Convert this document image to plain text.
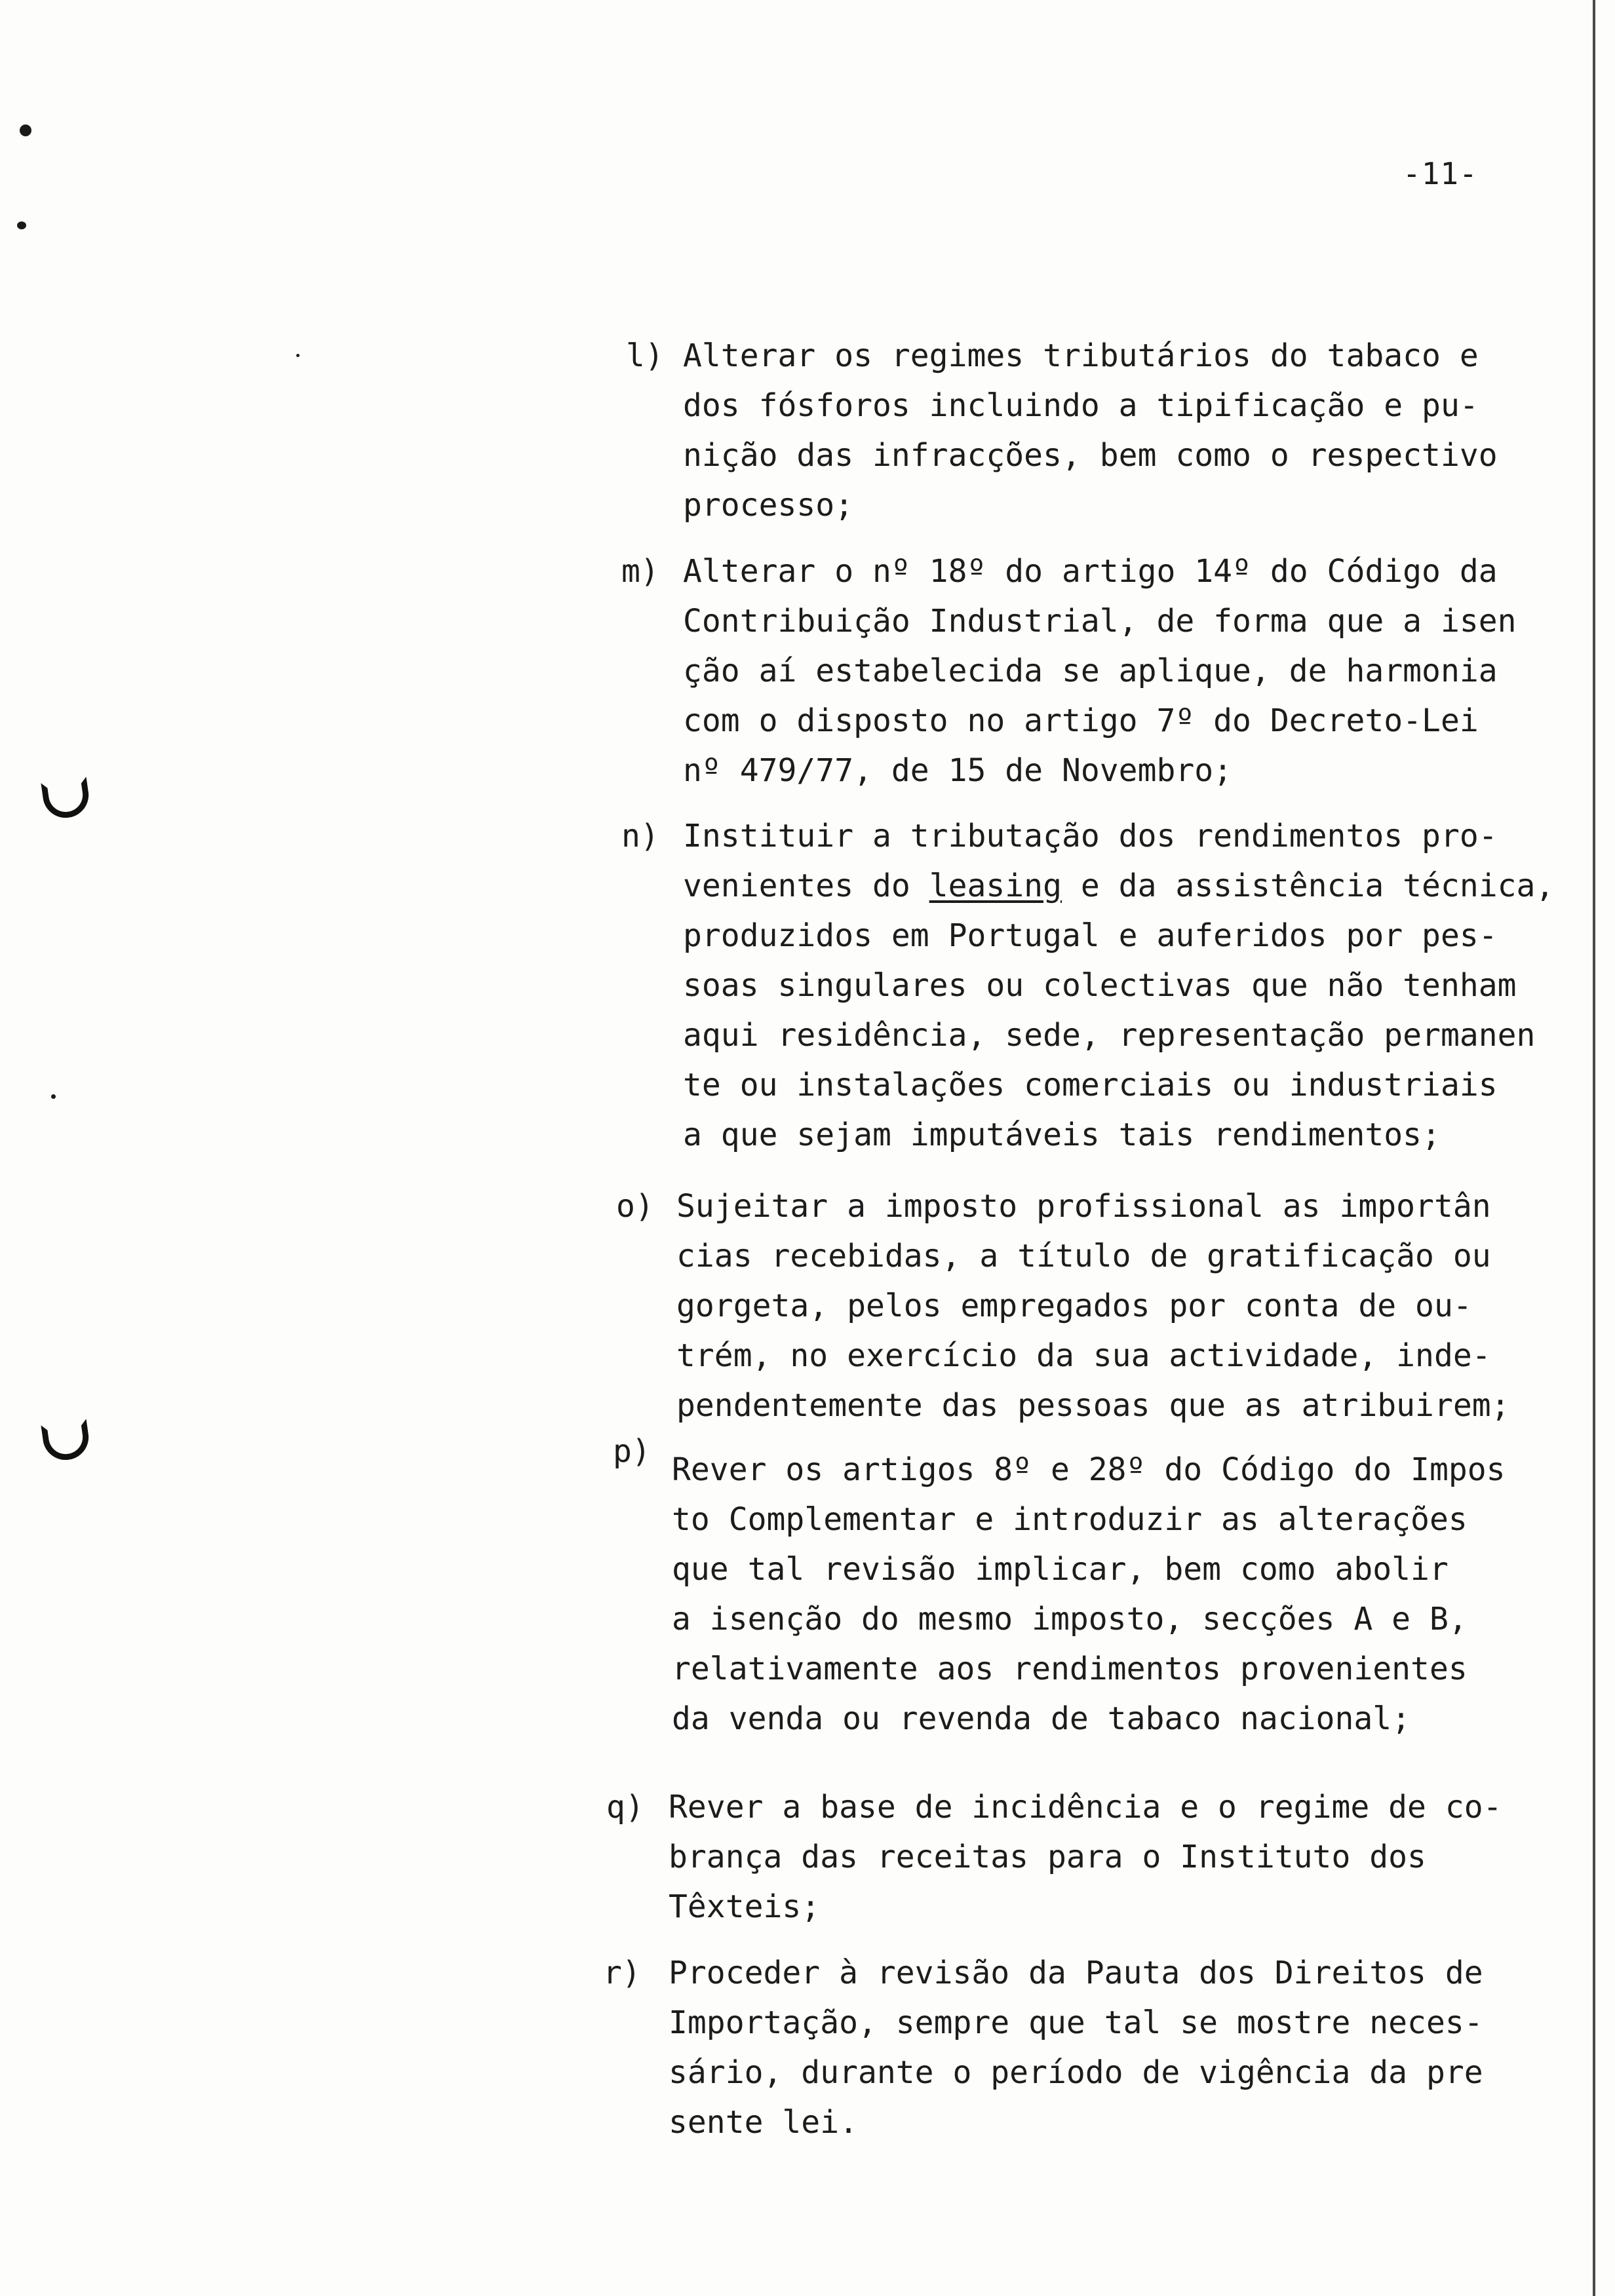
-11-
l) Alterar os regimes tributários do tabaco e
dos fósforos incluindo a tipificação e pu-
nição das infracções, bem como o respectivo
processo;
m) Alterar o nº 18º do artigo 14º do Código da
Contribuição Industrial, de forma que a isen
ção aí estabelecida se aplique, de harmonia
com o disposto no artigo 7º do Decreto-Lei
nº 479/77, de 15 de Novembro;
n) Instituir a tributação dos rendimentos pro-
venientes do leasing e da assistência técnica,
produzidos em Portugal e auferidos por pes-
soas singulares ou colectivas que não tenham
aqui residência, sede, representação permanen
te ou instalações comerciais ou industriais
a que sejam imputáveis tais rendimentos;
o) Sujeitar a imposto profissional as importân
cias recebidas, a título de gratificação ou
gorgeta, pelos empregados por conta de ou-
trém, no exercício da sua actividade, inde-
pendentemente das pessoas que as atribuirem;
p) Rever os artigos 8º e 28º do Código do Impos
to Complementar e introduzir as alterações
que tal revisão implicar, bem como abolir
a isenção do mesmo imposto, secções A e B,
relativamente aos rendimentos provenientes
da venda ou revenda de tabaco nacional;
q) Rever a base de incidência e o regime de co-
brança das receitas para o Instituto dos
Têxteis;
r) Proceder à revisão da Pauta dos Direitos de
Importação, sempre que tal se mostre neces-
sário, durante o período de vigência da pre
sente lei.
